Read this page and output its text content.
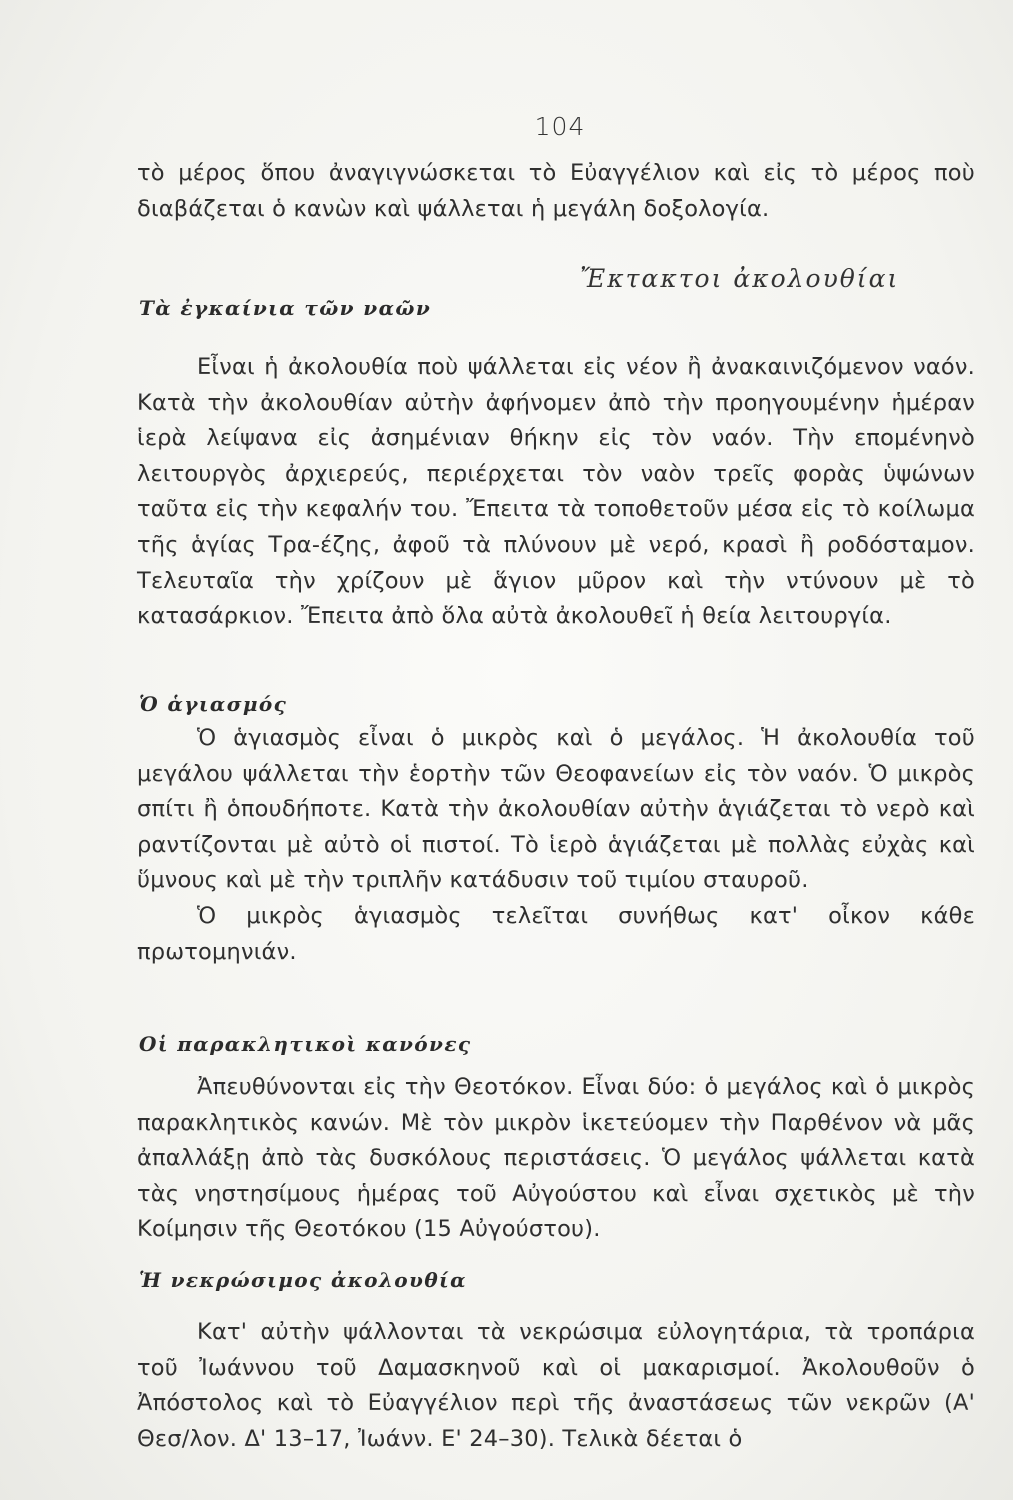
104

τὸ μέρος ὅπου ἀναγιγνώσκεται τὸ Εὐαγγέλιον καὶ εἰς τὸ μέρος ποὺ διαβάζεται ὁ κανὼν καὶ ψάλλεται ἡ μεγάλη δοξολογία.

Ἔκτακτοι ἀκολουθίαι
Τὰ ἐγκαίνια τῶν ναῶν

Εἶναι ἡ ἀκολουθία ποὺ ψάλλεται εἰς νέον ἢ ἀνακαινιζόμενον ναόν. Κατὰ τὴν ἀκολουθίαν αὐτὴν ἀφήνομεν ἀπὸ τὴν προηγουμένην ἡμέραν ἱερὰ λείψανα εἰς ἀσημένιαν θήκην εἰς τὸν ναόν. Τὴν επομένηνὸ λειτουργὸς ἀρχιερεύς, περιέρχεται τὸν ναὸν τρεῖς φορὰς ὑψώνων ταῦτα εἰς τὴν κεφαλήν του. Ἔπειτα τὰ τοποθετοῦν μέσα εἰς τὸ κοίλωμα τῆς ἁγίας Τρα-έζης, ἀφοῦ τὰ πλύνουν μὲ νερό, κρασὶ ἢ ροδόσταμον. Τελευταῖα τὴν χρίζουν μὲ ἅγιον μῦρον καὶ τὴν ντύνουν μὲ τὸ κατασάρκιον. Ἔπειτα ἀπὸ ὅλα αὐτὰ ἀκολουθεῖ ἡ θεία λειτουργία.

Ὁ ἁγιασμός

Ὁ ἁγιασμὸς εἶναι ὁ μικρὸς καὶ ὁ μεγάλος. Ἡ ἀκολουθία τοῦ μεγάλου ψάλλεται τὴν ἑορτὴν τῶν Θεοφανείων εἰς τὸν ναόν. Ὁ μικρὸς σπίτι ἢ ὁπουδήποτε. Κατὰ τὴν ἀκολουθίαν αὐτὴν ἁγιάζεται τὸ νερὸ καὶ ραντίζονται μὲ αὐτὸ οἱ πιστοί. Τὸ ἱερὸ ἁγιάζεται μὲ πολλὰς εὐχὰς καὶ ὕμνους καὶ μὲ τὴν τριπλῆν κατάδυσιν τοῦ τιμίου σταυροῦ.

Ὁ μικρὸς ἁγιασμὸς τελεῖται συνήθως κατ' οἶκον κάθε πρωτομηνιάν.

Οἱ παρακλητικοὶ κανόνες

Ἀπευθύνονται εἰς τὴν Θεοτόκον. Εἶναι δύο: ὁ μεγάλος καὶ ὁ μικρὸς παρακλητικὸς κανών. Μὲ τὸν μικρὸν ἱκετεύομεν τὴν Παρθένον νὰ μᾶς ἀπαλλάξῃ ἀπὸ τὰς δυσκόλους περιστάσεις. Ὁ μεγάλος ψάλλεται κατὰ τὰς νηστησίμους ἡμέρας τοῦ Αὐγούστου καὶ εἶναι σχετικὸς μὲ τὴν Κοίμησιν τῆς Θεοτόκου (15 Αὐγούστου).

Ἡ νεκρώσιμος ἀκολουθία

Κατ' αὐτὴν ψάλλονται τὰ νεκρώσιμα εὐλογητάρια, τὰ τροπάρια τοῦ Ἰωάννου τοῦ Δαμασκηνοῦ καὶ οἱ μακαρισμοί. Ἀκολουθοῦν ὁ Ἀπόστολος καὶ τὸ Εὐαγγέλιον περὶ τῆς ἀναστάσεως τῶν νεκρῶν (Α' Θεσ/λον. Δ' 13–17, Ἰωάνν. Ε' 24–30). Τελικὰ δέεται ὁ
